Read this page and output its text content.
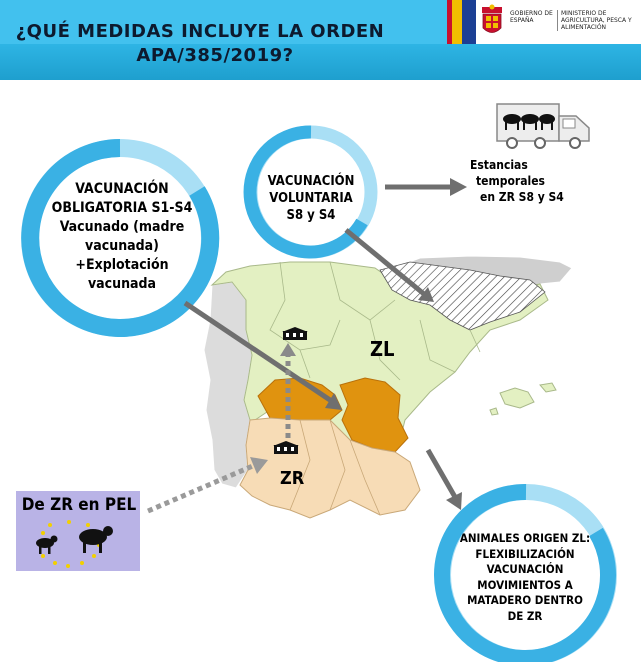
¿QUÉ MEDIDAS INCLUYE LA ORDEN
APA/385/2019?
GOBIERNO DE ESPAÑA
MINISTERIO DE AGRICULTURA, PESCA Y ALIMENTACIÓN
VACUNACIÓN
OBLIGATORIA S1-S4
Vacunado (madre
vacunada)
+Explotación
vacunada
VACUNACIÓN
VOLUNTARIA
S8 y S4
Estancias
temporales
en ZR S8 y S4
ANIMALES ORIGEN ZL:
FLEXIBILIZACIÓN
VACUNACIÓN
MOVIMIENTOS A
MATADERO DENTRO
DE ZR
De ZR en PEL
ZL
ZR
